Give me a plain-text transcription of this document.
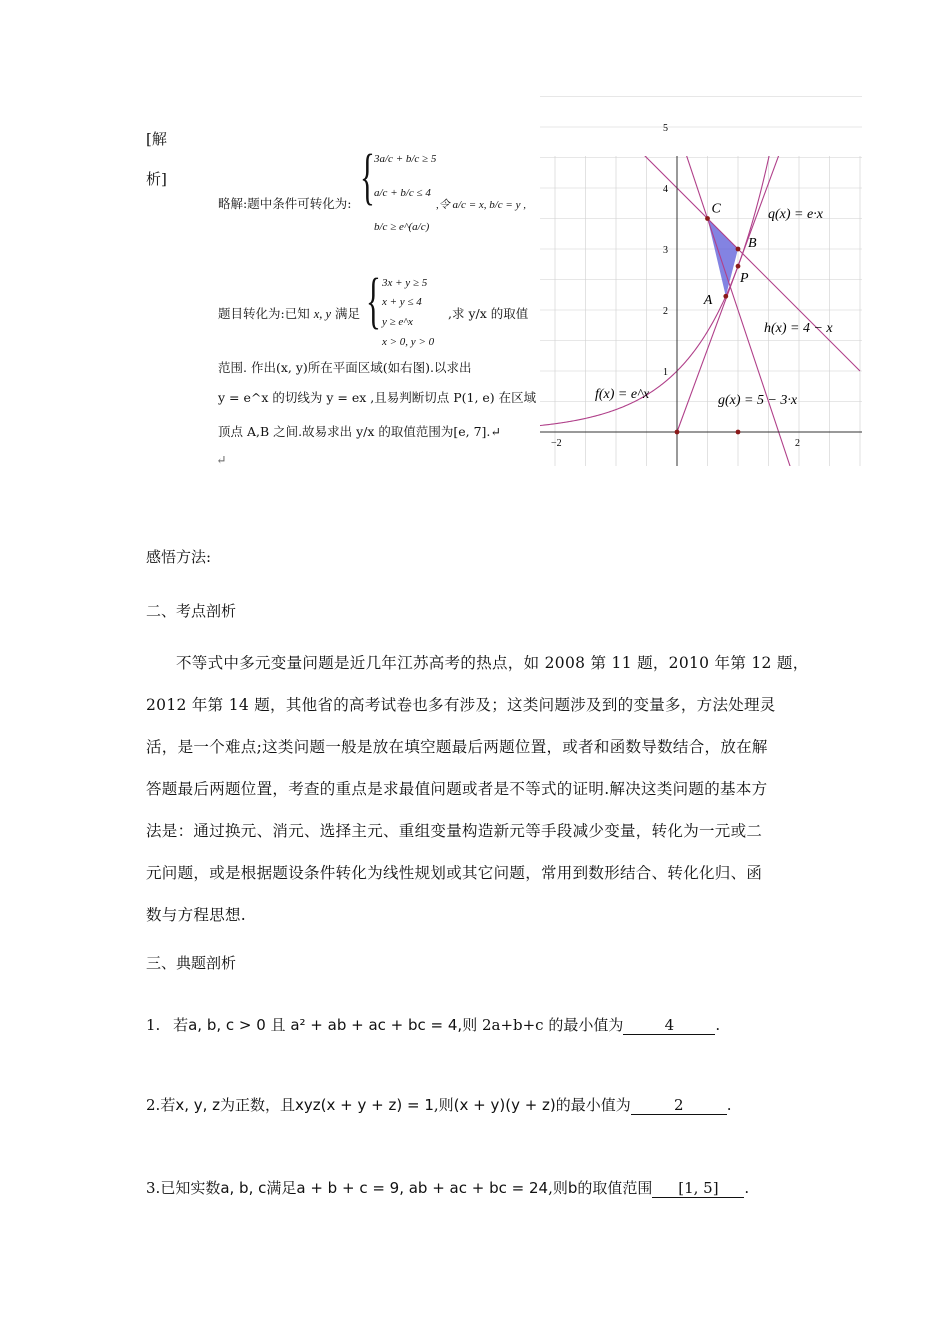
[解
析]
略解:题中条件可转化为: { 3a/c + b/c ≥ 5
a/c + b/c ≤ 4
b/c ≥ e^(a/c)
,令 a/c = x, b/c = y ,
题目转化为:已知 x, y 满足 { 3x + y ≥ 5
x + y ≤ 4
y ≥ e^x
x > 0, y > 0
,求 y/x 的取值
范围. 作出(x, y)所在平面区域(如右图).以求出
y = e^x 的切线为 y = ex ,且易判断切点 P(1, e) 在区域
顶点 A,B 之间.故易求出 y/x 的取值范围为[e, 7].↵
↵
−2	2
1
2
3
4
5
q(x) = e·x
h(x) = 4 − x
f(x) = e^x	g(x) = 5 − 3·x
C
B
A
P
感悟方法:
二、考点剖析
不等式中多元变量问题是近几年江苏高考的热点，如 2008 第 11 题，2010 年第 12 题，
2012 年第 14 题，其他省的高考试卷也多有涉及；这类问题涉及到的变量多，方法处理灵
活，是一个难点;这类问题一般是放在填空题最后两题位置，或者和函数导数结合，放在解
答题最后两题位置，考查的重点是求最值问题或者是不等式的证明.解决这类问题的基本方
法是：通过换元、消元、选择主元、重组变量构造新元等手段减少变量，转化为一元或二
元问题，或是根据题设条件转化为线性规划或其它问题，常用到数形结合、转化化归、函
数与方程思想.
三、典题剖析
1. 若a, b, c > 0 且 a² + ab + ac + bc = 4,则 2a+b+c 的最小值为	4	.
2.若x, y, z为正数，且xyz(x + y + z) = 1,则(x + y)(y + z)的最小值为	2	.
3.已知实数a, b, c满足a + b + c = 9, ab + ac + bc = 24,则b的取值范围 [1, 5] .
